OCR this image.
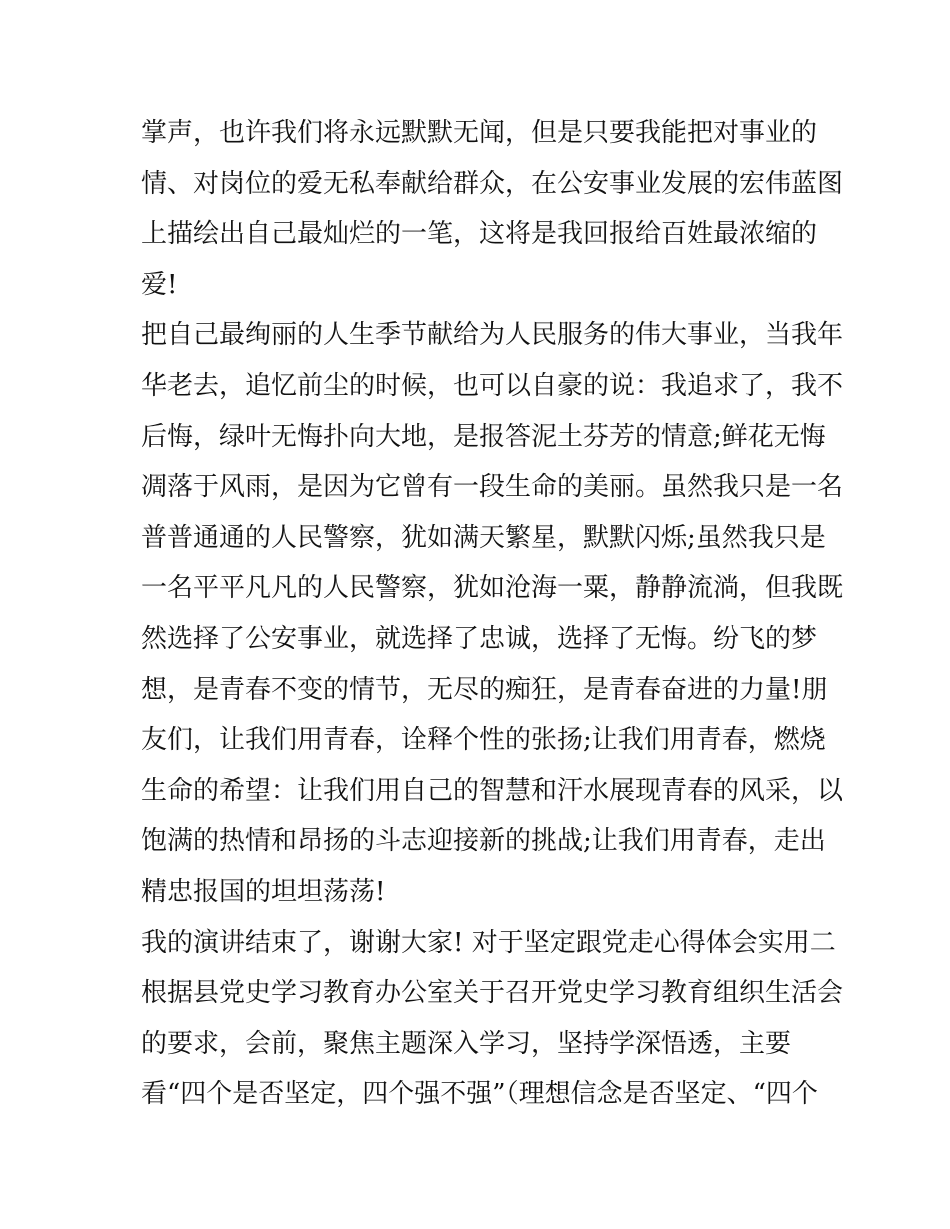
掌声，也许我们将永远默默无闻，但是只要我能把对事业的
情、对岗位的爱无私奉献给群众，在公安事业发展的宏伟蓝图
上描绘出自己最灿烂的一笔，这将是我回报给百姓最浓缩的
爱!
把自己最绚丽的人生季节献给为人民服务的伟大事业，当我年
华老去，追忆前尘的时候，也可以自豪的说：我追求了，我不
后悔，绿叶无悔扑向大地，是报答泥土芬芳的情意;鲜花无悔
凋落于风雨，是因为它曾有一段生命的美丽。虽然我只是一名
普普通通的人民警察，犹如满天繁星，默默闪烁;虽然我只是
一名平平凡凡的人民警察，犹如沧海一粟，静静流淌，但我既
然选择了公安事业，就选择了忠诚，选择了无悔。纷飞的梦
想，是青春不变的情节，无尽的痴狂，是青春奋进的力量!朋
友们，让我们用青春，诠释个性的张扬;让我们用青春，燃烧
生命的希望：让我们用自己的智慧和汗水展现青春的风采，以
饱满的热情和昂扬的斗志迎接新的挑战;让我们用青春，走出
精忠报国的坦坦荡荡!
我的演讲结束了，谢谢大家! 对于坚定跟党走心得体会实用二
根据县党史学习教育办公室关于召开党史学习教育组织生活会
的要求，会前，聚焦主题深入学习，坚持学深悟透，主要
看“四个是否坚定，四个强不强”（理想信念是否坚定、“四个
